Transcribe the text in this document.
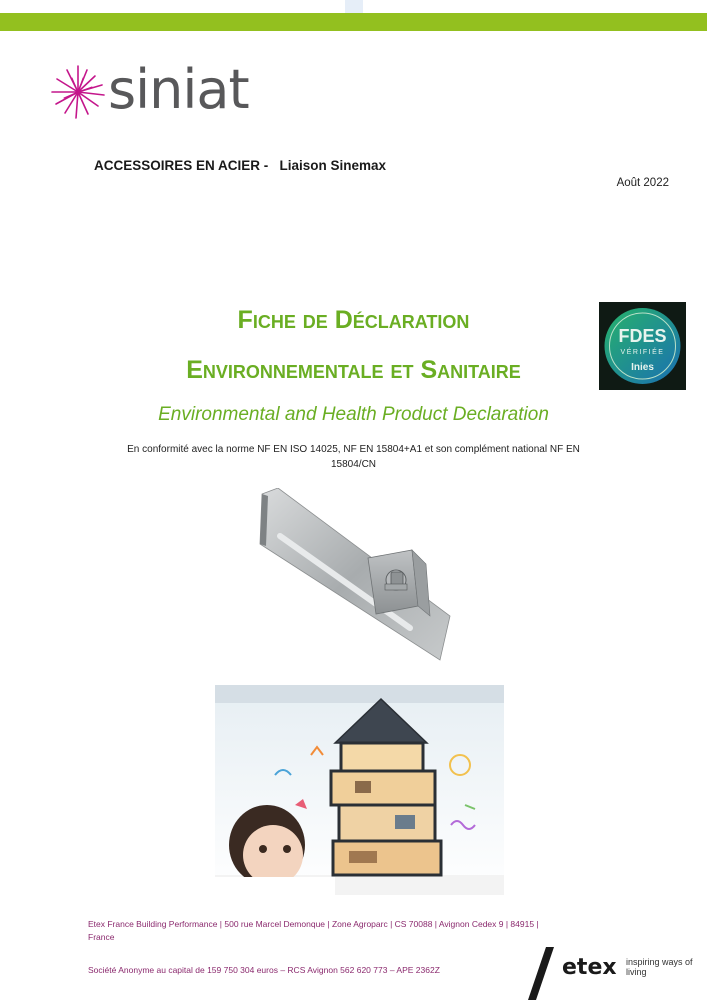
siniat
ACCESSOIRES EN ACIER -   Liaison Sinemax
Août 2022
Fiche de Déclaration
Environnementale et Sanitaire
Environmental and Health Product Declaration
En conformité avec la norme NF EN ISO 14025, NF EN 15804+A1 et son complément national NF EN 15804/CN
FDES
VÉRIFIÉE
Inies
Etex France Building Performance | 500 rue Marcel Demonque | Zone Agroparc | CS 70088 | Avignon Cedex 9 | 84915 | France
Société Anonyme au capital de 159 750 304 euros – RCS Avignon 562 620 773 – APE 2362Z	etex inspiring ways of living
